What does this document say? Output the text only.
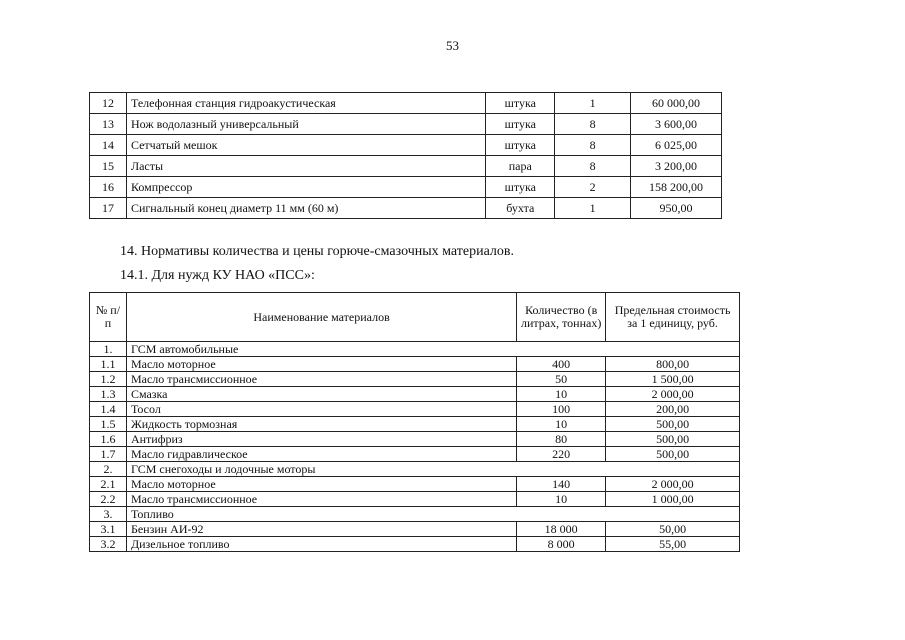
53
12	Телефонная станция гидроакустическая	штука	1	60 000,00
13	Нож водолазный универсальный	штука	8	3 600,00
14	Сетчатый мешок	штука	8	6 025,00
15	Ласты	пара	8	3 200,00
16	Компрессор	штука	2	158 200,00
17	Сигнальный конец диаметр 11 мм (60 м)	бухта	1	950,00
14. Нормативы количества и цены горюче-смазочных материалов.
14.1. Для нужд КУ НАО «ПСС»:
№ п/п	Наименование материалов	Количество (в литрах, тоннах)	Предельная стоимость за 1 единицу, руб.
1.	ГСМ автомобильные		
1.1	Масло моторное	400	800,00
1.2	Масло трансмиссионное	50	1 500,00
1.3	Смазка	10	2 000,00
1.4	Тосол	100	200,00
1.5	Жидкость тормозная	10	500,00
1.6	Антифриз	80	500,00
1.7	Масло гидравлическое	220	500,00
2.	ГСМ снегоходы и лодочные моторы		
2.1	Масло моторное	140	2 000,00
2.2	Масло трансмиссионное	10	1 000,00
3.	Топливо		
3.1	Бензин АИ-92	18 000	50,00
3.2	Дизельное топливо	8 000	55,00
